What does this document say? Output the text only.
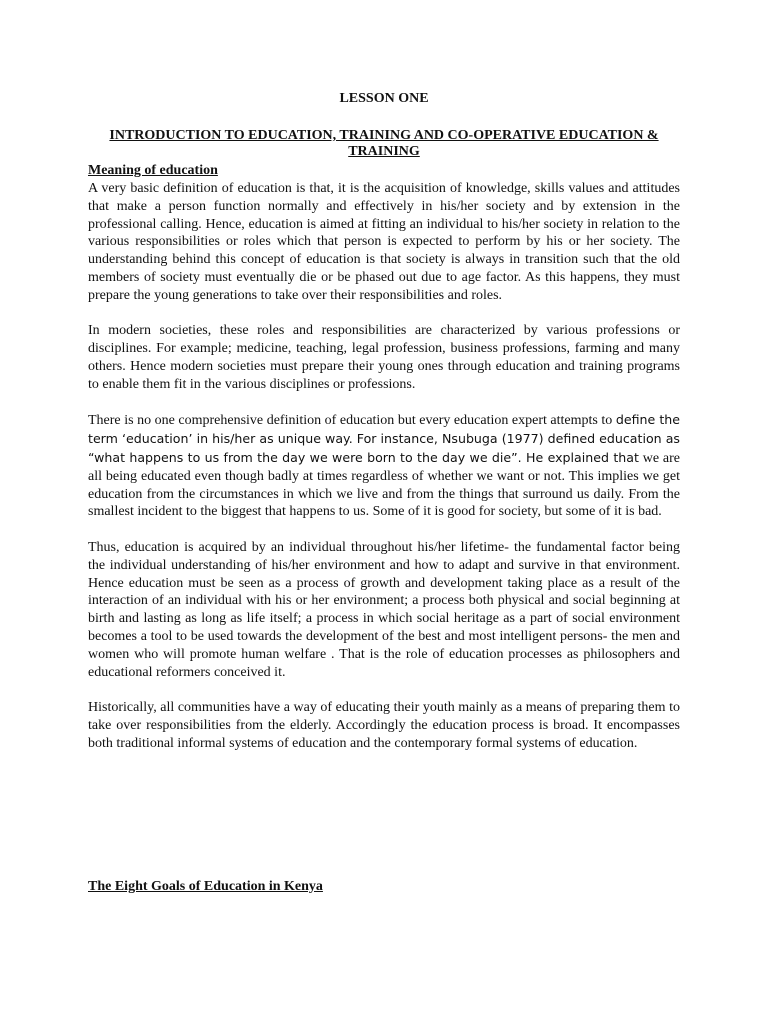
LESSON ONE

INTRODUCTION TO EDUCATION, TRAINING AND CO-OPERATIVE EDUCATION & TRAINING

Meaning of education

A very basic definition of education is that, it is the acquisition of knowledge, skills values and attitudes that make a person function normally and effectively in his/her society and by extension in the professional calling. Hence, education is aimed at fitting an individual to his/her society in relation to the various responsibilities or roles which that person is expected to perform by his or her society. The understanding behind this concept of education is that society is always in transition such that the old members of society must eventually die or be phased out due to age factor. As this happens, they must prepare the young generations to take over their responsibilities and roles.

In modern societies, these roles and responsibilities are characterized by various professions or disciplines. For example; medicine, teaching, legal profession, business professions, farming and many others. Hence modern societies must prepare their young ones through education and training programs to enable them fit in the various disciplines or professions.

There is no one comprehensive definition of education but every education expert attempts to define the term ‘education’ in his/her as unique way. For instance, Nsubuga (1977) defined education as “what happens to us from the day we were born to the day we die”. He explained that we are all being educated even though badly at times regardless of whether we want or not. This implies we get education from the circumstances in which we live and from the things that surround us daily. From the smallest incident to the biggest that happens to us. Some of it is good for society, but some of it is bad.

Thus, education is acquired by an individual throughout his/her lifetime- the fundamental factor being the individual understanding of his/her environment and how to adapt and survive in that environment. Hence education must be seen as a process of growth and development taking place as a result of the interaction of an individual with his or her environment; a process both physical and social beginning at birth and lasting as long as life itself; a process in which social heritage as a part of social environment becomes a tool to be used towards the development of the best and most intelligent persons- the men and women who will promote human welfare . That is the role of education processes as philosophers and educational reformers conceived it.

Historically, all communities have a way of educating their youth mainly as a means of preparing them to take over responsibilities from the elderly. Accordingly the education process is broad. It encompasses both traditional informal systems of education and the contemporary formal systems of education.

The Eight Goals of Education in Kenya
